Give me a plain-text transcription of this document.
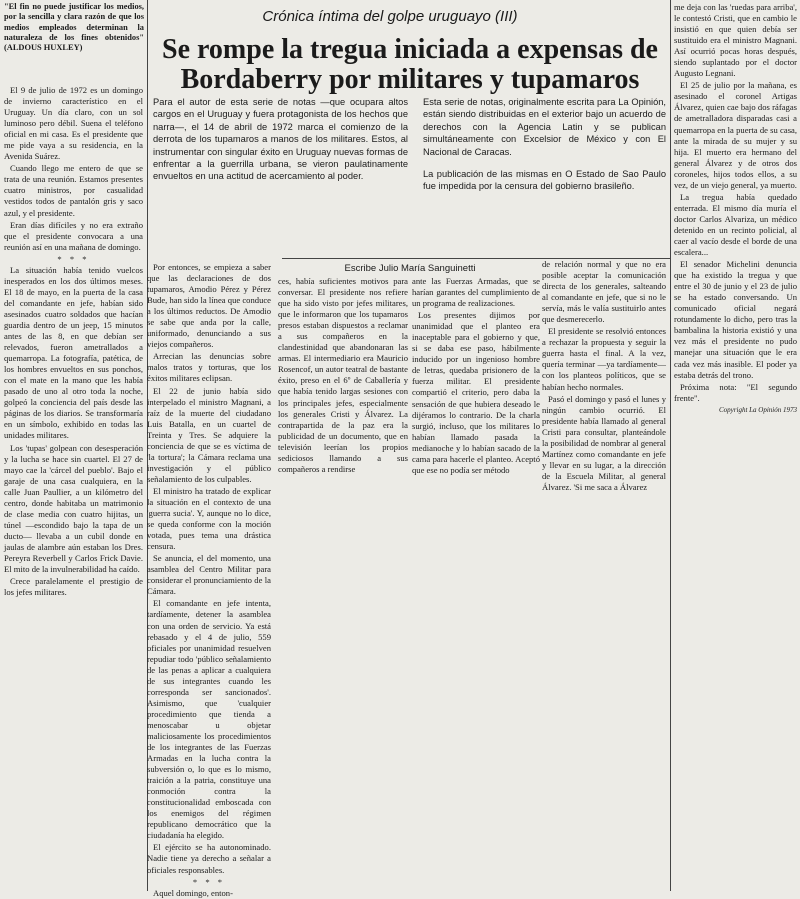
"El fin no puede justificar los medios, por la sencilla y clara razón de que los medios empleados determinan la naturaleza de los fines obtenidos" (ALDOUS HUXLEY)
Crónica íntima del golpe uruguayo (III)
Se rompe la tregua iniciada a expensas de Bordaberry por militares y tupamaros

Para el autor de esta serie de notas —que ocupara altos cargos en el Uruguay y fuera protagonista de los hechos que narra—, el 14 de abril de 1972 marca el comienzo de la derrota de los tupamaros a manos de los militares. Estos, al instrumentar con singular éxito en Uruguay nuevas formas de enfrentar a la guerrilla urbana, se vieron paulatinamente envueltos en una actitud de acercamiento al poder.

Esta serie de notas, originalmente escrita para La Opinión, están siendo distribuidas en el exterior bajo un acuerdo de derechos con la Agencia Latin y se publican simultáneamente con Excelsior de México y con El Nacional de Caracas.

La publicación de las mismas en O Estado de Sao Paulo fue impedida por la censura del gobierno brasileño.

Escribe Julio María Sanguinetti

El 9 de julio de 1972 es un domingo de invierno característico en el Uruguay. Un día claro, con un sol luminoso pero débil. Suena el teléfono oficial en mi casa. Es el presidente que me pide vaya a su residencia, en la Avenida Suárez.

Cuando llego me entero de que se trata de una reunión. Estamos presentes cuatro ministros, por casualidad vestidos todos de pantalón gris y saco azul, y el presidente.

Eran días difíciles y no era extraño que el presidente convocara a una reunión así en una mañana de domingo.

* * *

La situación había tenido vuelcos inesperados en los dos últimos meses. El 18 de mayo, en la puerta de la casa del comandante en jefe, habían sido asesinados cuatro soldados que hacían guardia dentro de un jeep, 15 minutos antes de las 8, en que debían ser relevados, fueron ametrallados a quemarropa. La fotografía, patética, de los hombres envueltos en sus ponchos, con el mate en la mano que les había pasado de uno al otro toda la noche, golpeó la conciencia del país desde las páginas de los diarios. Se transformaría en un símbolo, exhibido en todas las unidades militares.

Los 'tupas' golpean con desesperación y la lucha se hace sin cuartel. El 27 de mayo cae la 'cárcel del pueblo'. Bajo el garaje de una casa cualquiera, en la calle Juan Paullier, a un kilómetro del centro, donde habitaba un matrimonio de clase media con cuatro hijitas, un túnel —escondido bajo la tapa de un ducto— llevaba a un cubil donde en jaulas de alambre aún estaban los Dres. Pereyra Reverbell y Carlos Frick Davie. El mito de la invulnerabilidad ha caído.

Crece paralelamente el prestigio de los jefes militares.

Por entonces, se empieza a saber que las declaraciones de dos tupamaros, Amodio Pérez y Pérez Bude, han sido la línea que conduce a los últimos reductos. De Amodio se sabe que anda por la calle, uniformado, denunciando a sus viejos compañeros.

Arrecian las denuncias sobre malos tratos y torturas, que los éxitos militares eclipsan.

El 22 de junio había sido interpelado el ministro Magnani, a raíz de la muerte del ciudadano Luis Batalla, en un cuartel de Treinta y Tres. Se adquiere la conciencia de que se es víctima de 'la tortura'; la Cámara reclama una investigación y el público señalamiento de los culpables.

El ministro ha tratado de explicar la situación en el contexto de una 'guerra sucia'. Y, aunque no lo dice, se queda conforme con la moción votada, pues tema una drástica censura.

Se anuncia, el del momento, una asamblea del Centro Militar para considerar el pronunciamiento de la Cámara.

El comandante en jefe intenta, tardíamente, detener la asamblea con una orden de servicio. Ya está rebasado y el 4 de julio, 559 oficiales por unanimidad resuelven repudiar todo 'público señalamiento de las penas a aplicar a cualquiera de sus integrantes cuando les corresponda ser sancionados'. Asimismo, que 'cualquier procedimiento que tienda a menoscabar u objetar maliciosamente los procedimientos de los integrantes de las Fuerzas Armadas en la lucha contra la subversión o, lo que es lo mismo, traición a la patria, constituye una conmoción contra la constitucionalidad emboscada con los enemigos del régimen republicano democrático que la ciudadanía ha elegido.

El ejército se ha autonominado. Nadie tiene ya derecho a señalar a oficiales responsables.

* * *

Aquel domingo, enton-

ces, había suficientes motivos para conversar. El presidente nos refiere que ha sido visto por jefes militares, que le informaron que los tupamaros presos estaban dispuestos a reclamar a sus compañeros en la clandestinidad que abandonaran las armas. El intermediario era Mauricio Rosencof, un autor teatral de bastante éxito, preso en el 6º de Caballería y que había tenido largas sesiones con los principales jefes, especialmente los generales Cristi y Álvarez. La contrapartida de la paz era la publicidad de un documento, que en televisión leerían los propios sediciosos llamando a sus compañeros a rendirse

ante las Fuerzas Armadas, que se harían garantes del cumplimiento de un programa de realizaciones.

Los presentes dijimos por unanimidad que el planteo era inaceptable para el gobierno y que, si se daba ese paso, hábilmente inducido por un ingenioso hombre de letras, quedaba prisionero de la fuerza militar. El presidente compartió el criterio, pero daba la sensación de que hubiera deseado le dijéramos lo contrario. De la charla surgió, incluso, que los militares lo habían llamado pasada la medianoche y lo habían sacado de la cama para hacerle el planteo. Aceptó que ese no podía ser método

de relación normal y que no era posible aceptar la comunicación directa de los generales, salteando al comandante en jefe, que si no le servía, más le valía sustituirlo antes que desmerecerlo.

El presidente se resolvió entonces a rechazar la propuesta y seguir la guerra hasta el final. A la vez, quería terminar —ya tardíamente— con los planteos políticos, que se habían hecho normales.

Pasó el domingo y pasó el lunes y ningún cambio ocurrió. El presidente había llamado al general Cristi para consultar, planteándole la posibilidad de nombrar al general Martínez como comandante en jefe y llevar en su lugar, a la dirección de la Escuela Militar, al general Álvarez. 'Si me saca a Álvarez

me deja con las 'ruedas para arriba', le contestó Cristi, que en cambio le insistió en que quien debía ser sustituido era el ministro Magnani. Así ocurrió pocas horas después, siendo suplantado por el doctor Augusto Legnani.

El 25 de julio por la mañana, es asesinado el coronel Artigas Álvarez, quien cae bajo dos ráfagas de ametralladora disparadas casi a quemarropa en la puerta de su casa, ante la mirada de su mujer y su hija. El muerto era hermano del general Álvarez y de otros dos coroneles, hijos todos ellos, a su vez, de un viejo general, ya muerto.

La tregua había quedado enterrada. El mismo día muría el doctor Carlos Alvariza, un médico detenido en un recinto policial, al caer al vacío desde el borde de una escalera...

El senador Michelini denuncia que ha existido la tregua y que entre el 30 de junio y el 23 de julio se ha estado conversando. Un comunicado oficial negará rotundamente lo dicho, pero tras la bambalina la historia existió y una vez más el presidente no pudo manejar una situación que le era cada vez más inasible. El poder ya estaba detrás del trono.

Próxima nota: "El segundo frente".

Copyright La Opinión 1973
